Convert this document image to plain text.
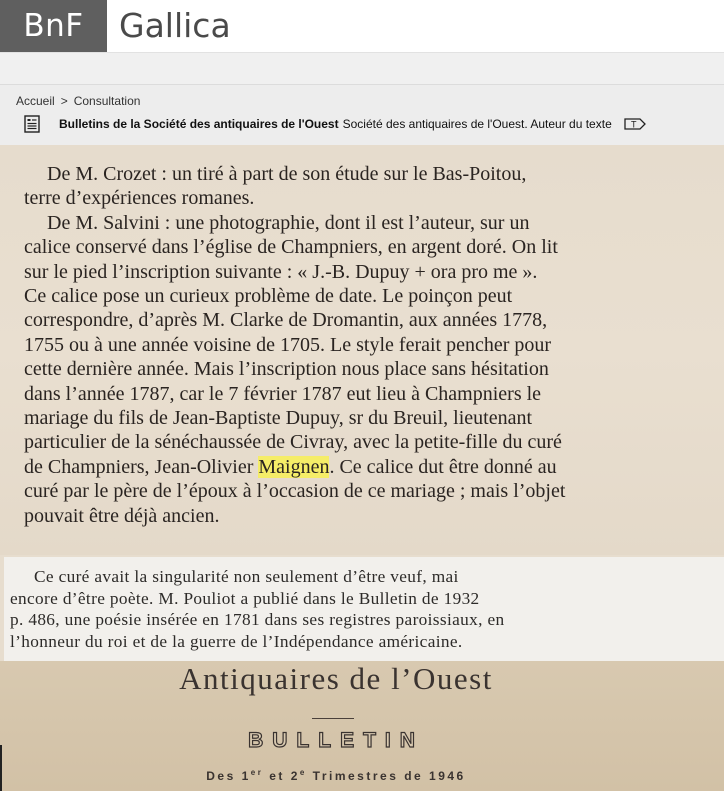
BnF Gallica
Accueil > Consultation
Bulletins de la Société des antiquaires de l'Ouest Société des antiquaires de l'Ouest. Auteur du texte T
De M. Crozet : un tiré à part de son étude sur le Bas-Poitou,
terre d’expériences romanes.
De M. Salvini : une photographie, dont il est l’auteur, sur un
calice conservé dans l’église de Champniers, en argent doré. On lit
sur le pied l’inscription suivante : « J.-B. Dupuy + ora pro me ».
Ce calice pose un curieux problème de date. Le poinçon peut
correspondre, d’après M. Clarke de Dromantin, aux années 1778,
1755 ou à une année voisine de 1705. Le style ferait pencher pour
cette dernière année. Mais l’inscription nous place sans hésitation
dans l’année 1787, car le 7 février 1787 eut lieu à Champniers le
mariage du fils de Jean-Baptiste Dupuy, sr du Breuil, lieutenant
particulier de la sénéchaussée de Civray, avec la petite-fille du curé
de Champniers, Jean-Olivier Maignen. Ce calice dut être donné au
curé par le père de l’époux à l’occasion de ce mariage ; mais l’objet
pouvait être déjà ancien.
Ce curé avait la singularité non seulement d’être veuf, mai
encore d’être poète. M. Pouliot a publié dans le Bulletin de 1932
p. 486, une poésie insérée en 1781 dans ses registres paroissiaux, en
l’honneur du roi et de la guerre de l’Indépendance américaine.
Antiquaires de l’Ouest
BULLETIN
Des 1er et 2e Trimestres de 1946
